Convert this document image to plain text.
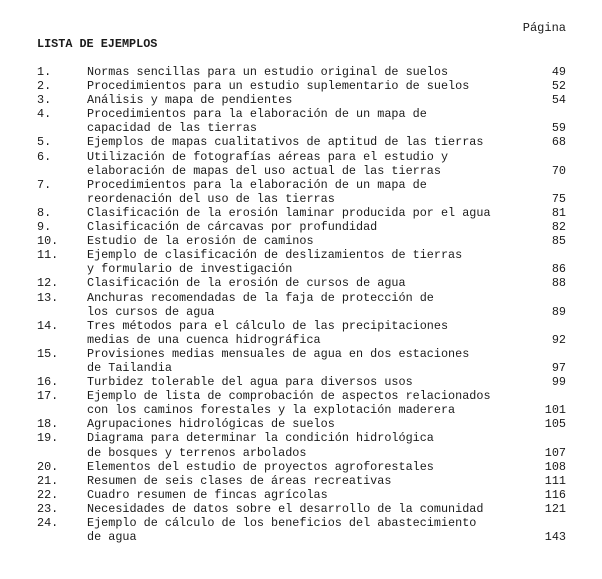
Página
LISTA DE EJEMPLOS
1.	Normas sencillas para un estudio original de suelos	49
2.	Procedimientos para un estudio suplementario de suelos	52
3.	Análisis y mapa de pendientes	54
4.	Procedimientos para la elaboración de un mapa de
capacidad de las tierras	59
5.	Ejemplos de mapas cualitativos de aptitud de las tierras	68
6.	Utilización de fotografías aéreas para el estudio y
elaboración de mapas del uso actual de las tierras	70
7.	Procedimientos para la elaboración de un mapa de
reordenación del uso de las tierras	75
8.	Clasificación de la erosión laminar producida por el agua	81
9.	Clasificación de cárcavas por profundidad	82
10.	Estudio de la erosión de caminos	85
11.	Ejemplo de clasificación de deslizamientos de tierras
y formulario de investigación	86
12.	Clasificación de la erosión de cursos de agua	88
13.	Anchuras recomendadas de la faja de protección de
los cursos de agua	89
14.	Tres métodos para el cálculo de las precipitaciones
medias de una cuenca hidrográfica	92
15.	Provisiones medias mensuales de agua en dos estaciones
de Tailandia	97
16.	Turbidez tolerable del agua para diversos usos	99
17.	Ejemplo de lista de comprobación de aspectos relacionados
con los caminos forestales y la explotación maderera	101
18.	Agrupaciones hidrológicas de suelos	105
19.	Diagrama para determinar la condición hidrológica
de bosques y terrenos arbolados	107
20.	Elementos del estudio de proyectos agroforestales	108
21.	Resumen de seis clases de áreas recreativas	111
22.	Cuadro resumen de fincas agrícolas	116
23.	Necesidades de datos sobre el desarrollo de la comunidad	121
24.	Ejemplo de cálculo de los beneficios del abastecimiento
de agua	143
